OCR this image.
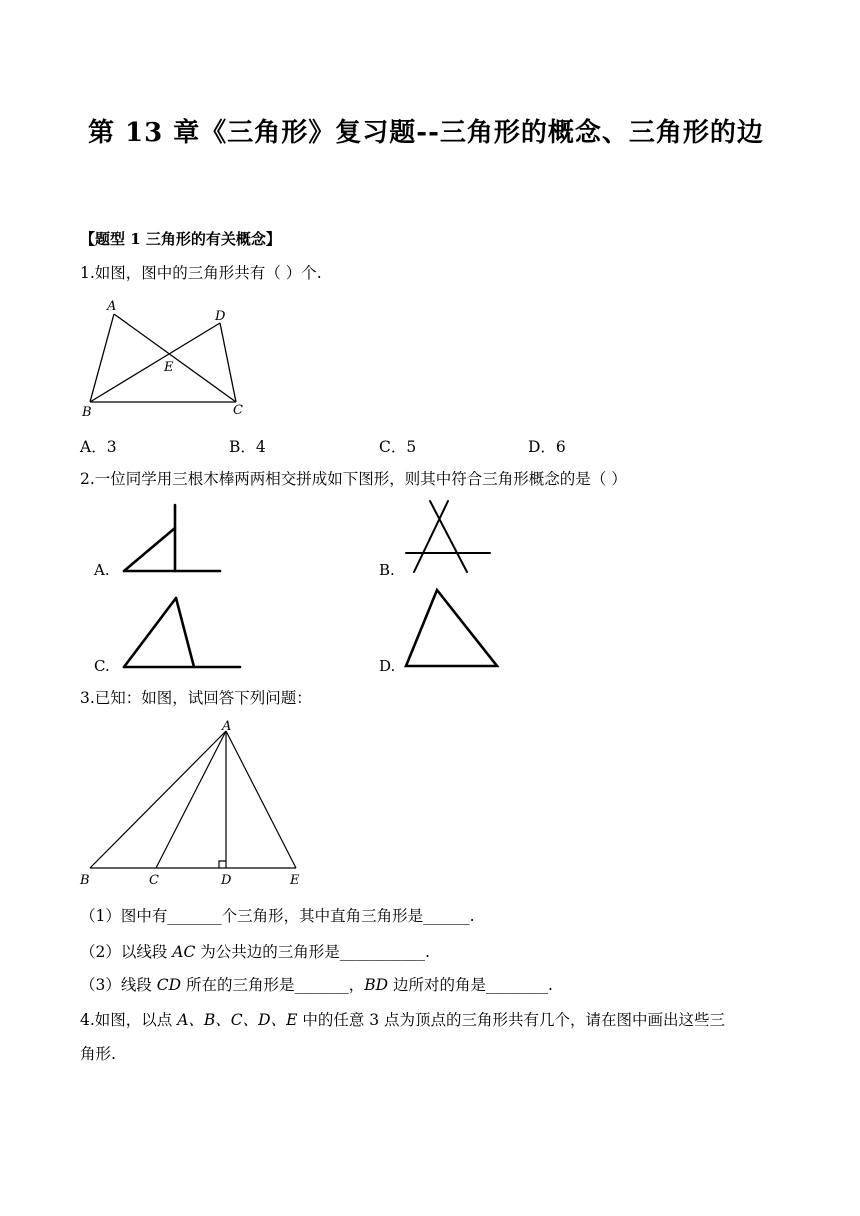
第 13 章《三角形》复习题--三角形的概念、三角形的边
【题型 1 三角形的有关概念】
1.如图，图中的三角形共有（ ）个.
A
D
E
B	C
A．3	B．4	C．5	D．6
2.一位同学用三根木棒两两相交拼成如下图形，则其中符合三角形概念的是（ ）
A.	B.
C.	D.
3.已知：如图，试回答下列问题：
A
B	C	D	E
（1）图中有_______个三角形，其中直角三角形是______.
（2）以线段 AC 为公共边的三角形是___________.
（3）线段 CD 所在的三角形是_______，BD 边所对的角是________.
4.如图，以点 A、B、C、D、E 中的任意 3 点为顶点的三角形共有几个，请在图中画出这些三
角形.
